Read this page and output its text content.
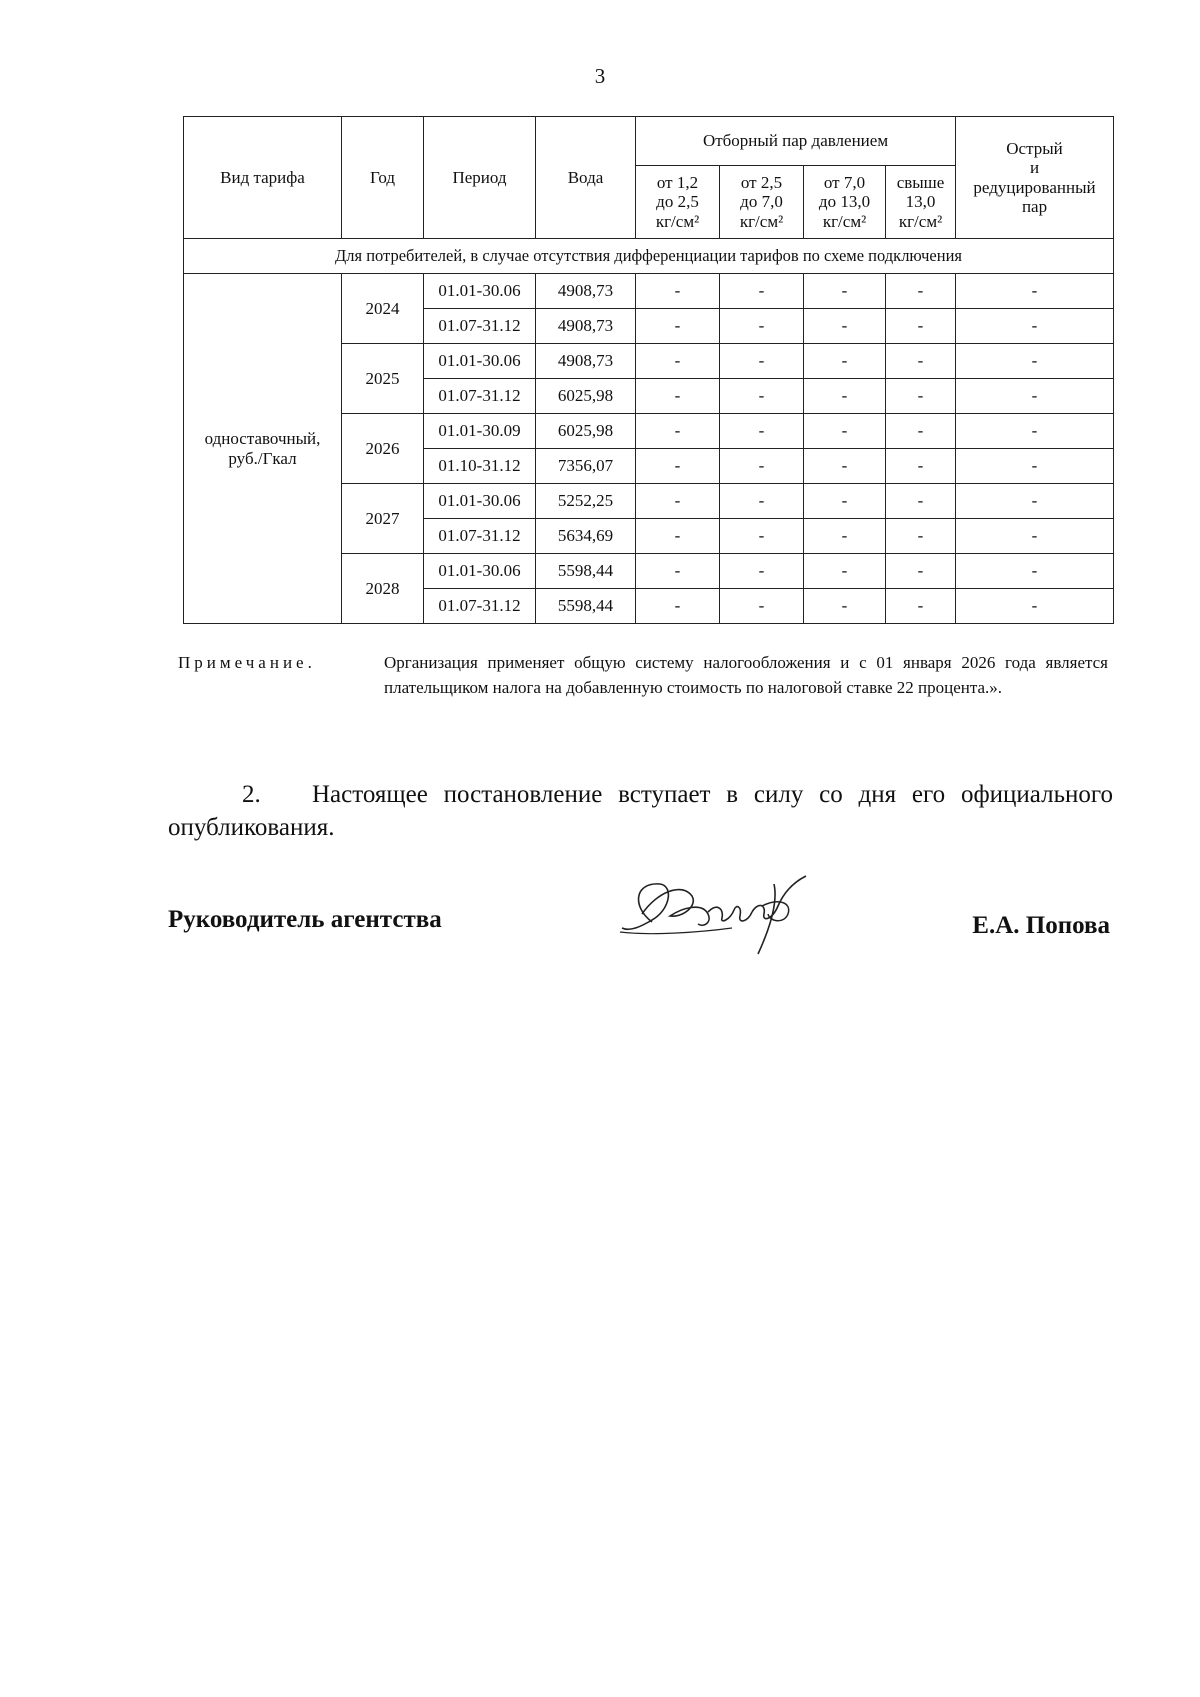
3
Вид тарифа	Год	Период	Вода	Отборный пар давлением				Острый
и
редуцированный
пар

				от 1,2
до 2,5
кг/см²	от 2,5
до 7,0
кг/см²	от 7,0
до 13,0
кг/см²	свыше
13,0
кг/см²	

Для потребителей, в случае отсутствия дифференциации тарифов по схеме подключения								

одноставочный,
руб./Гкал	2024	01.01-30.06	4908,73	-	-	-	-	-
		01.07-31.12	4908,73	-	-	-	-	-
	2025	01.01-30.06	4908,73	-	-	-	-	-
		01.07-31.12	6025,98	-	-	-	-	-
	2026	01.01-30.09	6025,98	-	-	-	-	-
		01.10-31.12	7356,07	-	-	-	-	-
	2027	01.01-30.06	5252,25	-	-	-	-	-
		01.07-31.12	5634,69	-	-	-	-	-
	2028	01.01-30.06	5598,44	-	-	-	-	-
		01.07-31.12	5598,44	-	-	-	-	-
Примечание.	Организация применяет общую систему налогообложения и с 01 января 2026 года является плательщиком налога на добавленную стоимость по налоговой ставке 22 процента.».
2. Настоящее постановление вступает в силу со дня его официального опубликования.
Руководитель агентства	Е.А. Попова
